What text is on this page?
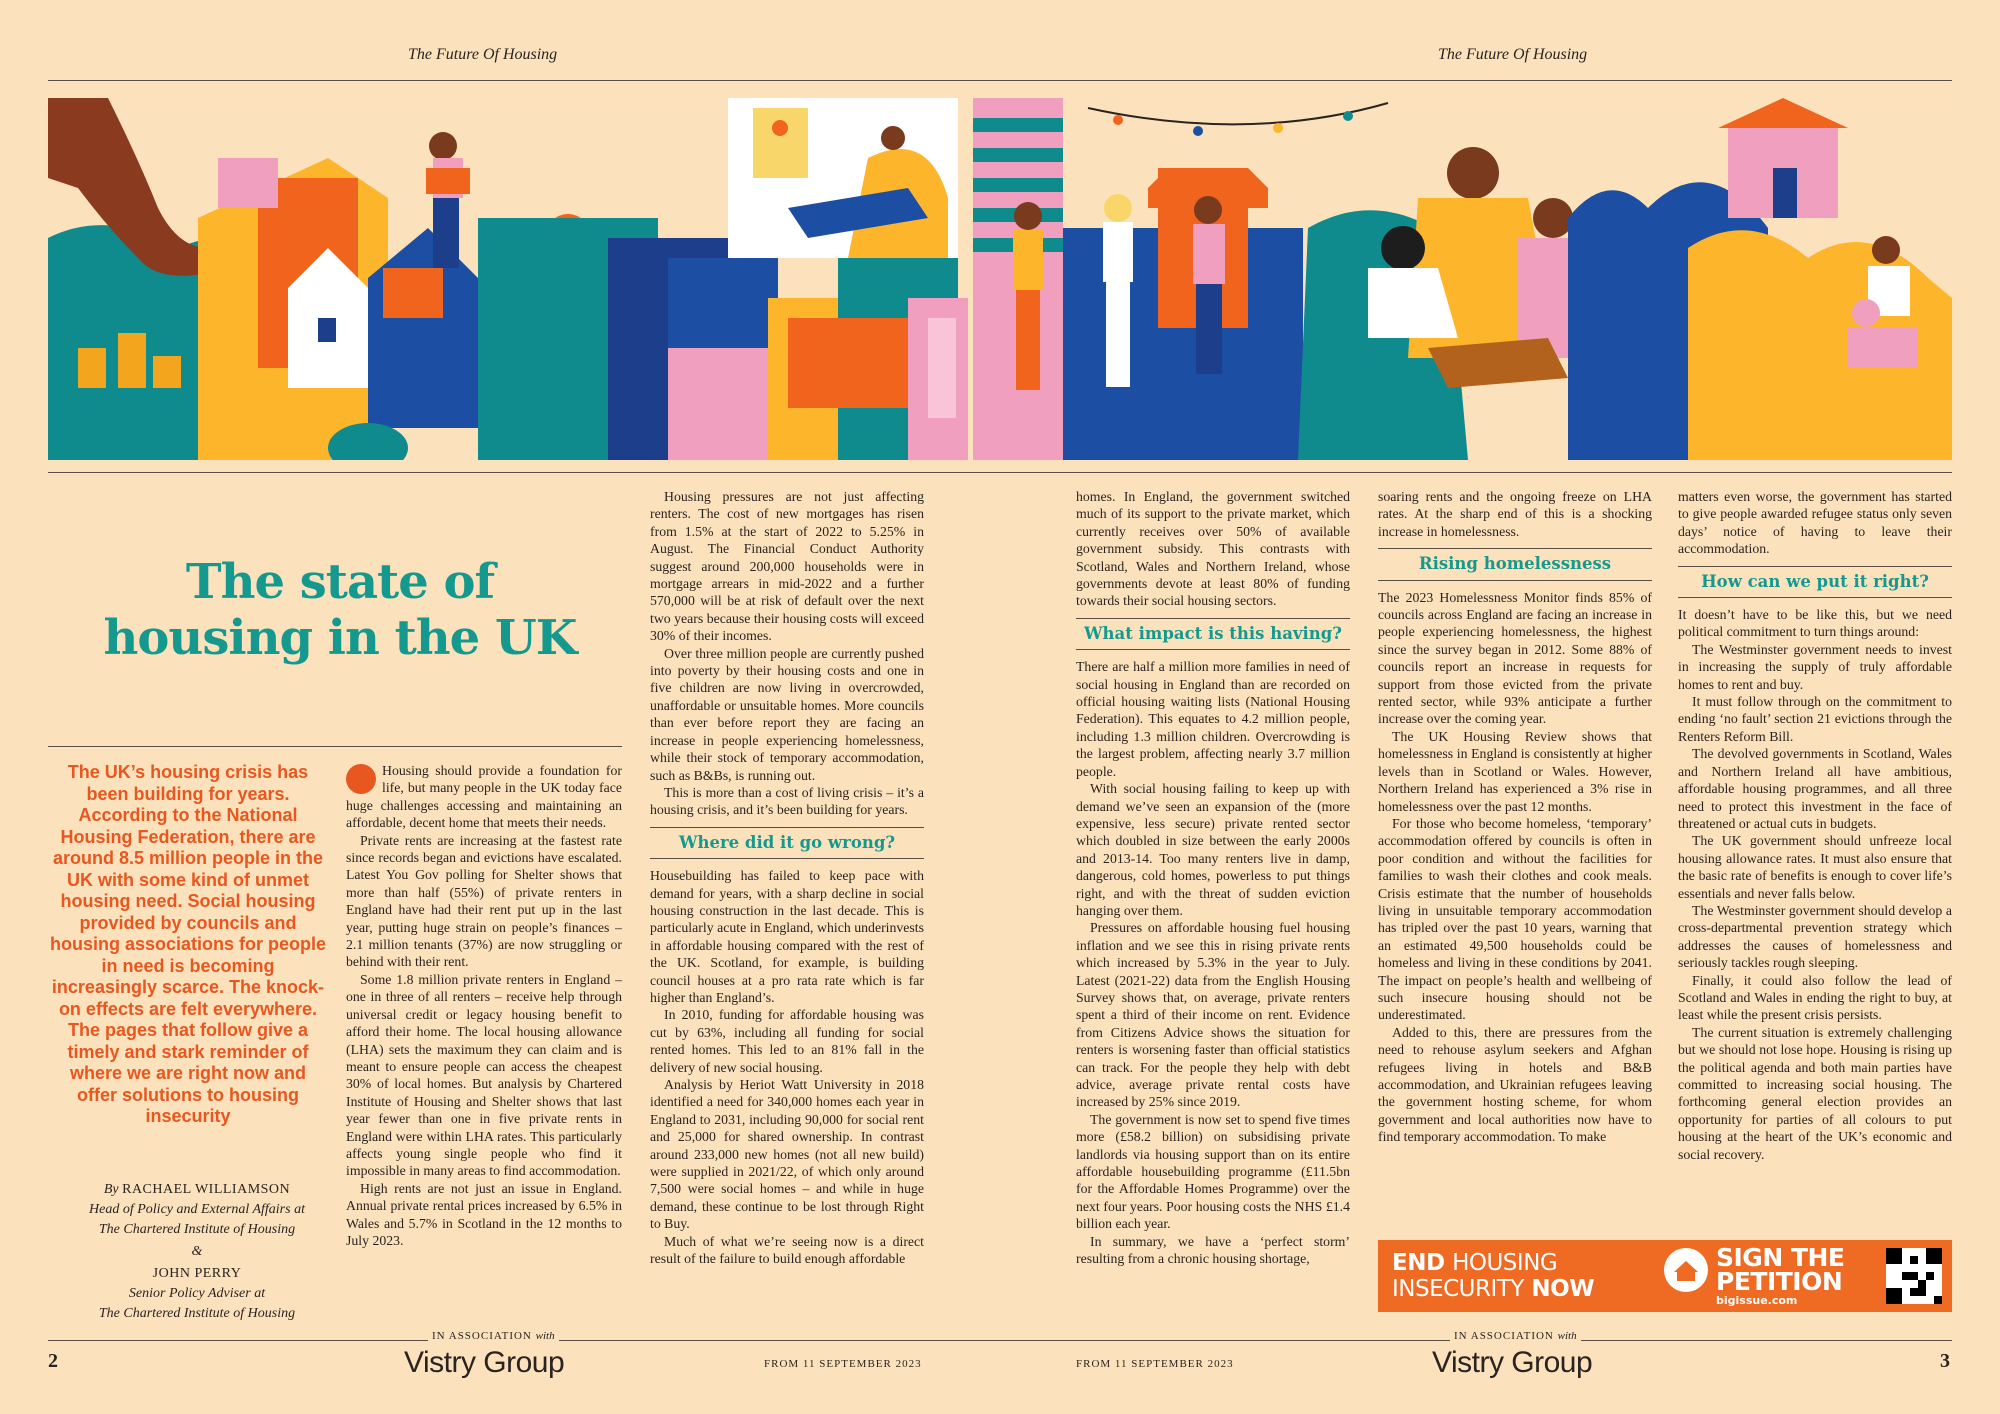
The Future Of Housing	The Future Of Housing
The state of housing in the UK

The UK’s housing crisis has been building for years. According to the National Housing Federation, there are around 8.5 million people in the UK with some kind of unmet housing need. Social housing provided by councils and housing associations for people in need is becoming increasingly scarce. The knock-on effects are felt everywhere. The pages that follow give a timely and stark reminder of where we are right now and offer solutions to housing insecurity

By RACHAEL WILLIAMSON
Head of Policy and External Affairs at
The Chartered Institute of Housing
&
JOHN PERRY
Senior Policy Adviser at
The Chartered Institute of Housing

Housing should provide a foundation for life, but many people in the UK today face huge challenges accessing and maintaining an affordable, decent home that meets their needs.

Private rents are increasing at the fastest rate since records began and evictions have escalated. Latest You Gov polling for Shelter shows that more than half (55%) of private renters in England have had their rent put up in the last year, putting huge strain on people’s finances – 2.1 million tenants (37%) are now struggling or behind with their rent.

Some 1.8 million private renters in England – one in three of all renters – receive help through universal credit or legacy housing benefit to afford their home. The local housing allowance (LHA) sets the maximum they can claim and is meant to ensure people can access the cheapest 30% of local homes. But analysis by Chartered Institute of Housing and Shelter shows that last year fewer than one in five private rents in England were within LHA rates. This particularly affects young single people who find it impossible in many areas to find accommodation.

High rents are not just an issue in England. Annual private rental prices increased by 6.5% in Wales and 5.7% in Scotland in the 12 months to July 2023.

Housing pressures are not just affecting renters. The cost of new mortgages has risen from 1.5% at the start of 2022 to 5.25% in August. The Financial Conduct Authority suggest around 200,000 households were in mortgage arrears in mid-2022 and a further 570,000 will be at risk of default over the next two years because their housing costs will exceed 30% of their incomes.

Over three million people are currently pushed into poverty by their housing costs and one in five children are now living in overcrowded, unaffordable or unsuitable homes. More councils than ever before report they are facing an increase in people experiencing homelessness, while their stock of temporary accommodation, such as B&Bs, is running out.

This is more than a cost of living crisis – it’s a housing crisis, and it’s been building for years.

Where did it go wrong?

Housebuilding has failed to keep pace with demand for years, with a sharp decline in social housing construction in the last decade. This is particularly acute in England, which underinvests in affordable housing compared with the rest of the UK. Scotland, for example, is building council houses at a pro rata rate which is far higher than England’s.

In 2010, funding for affordable housing was cut by 63%, including all funding for social rented homes. This led to an 81% fall in the delivery of new social housing.

Analysis by Heriot Watt University in 2018 identified a need for 340,000 homes each year in England to 2031, including 90,000 for social rent and 25,000 for shared ownership. In contrast around 233,000 new homes (not all new build) were supplied in 2021/22, of which only around 7,500 were social homes – and while in huge demand, these continue to be lost through Right to Buy.

Much of what we’re seeing now is a direct result of the failure to build enough affordable

homes. In England, the government switched much of its support to the private market, which currently receives over 50% of available government subsidy. This contrasts with Scotland, Wales and Northern Ireland, whose governments devote at least 80% of funding towards their social housing sectors.

What impact is this having?

There are half a million more families in need of social housing in England than are recorded on official housing waiting lists (National Housing Federation). This equates to 4.2 million people, including 1.3 million children. Overcrowding is the largest problem, affecting nearly 3.7 million people.

With social housing failing to keep up with demand we’ve seen an expansion of the (more expensive, less secure) private rented sector which doubled in size between the early 2000s and 2013-14. Too many renters live in damp, dangerous, cold homes, powerless to put things right, and with the threat of sudden eviction hanging over them.

Pressures on affordable housing fuel housing inflation and we see this in rising private rents which increased by 5.3% in the year to July. Latest (2021-22) data from the English Housing Survey shows that, on average, private renters spent a third of their income on rent. Evidence from Citizens Advice shows the situation for renters is worsening faster than official statistics can track. For the people they help with debt advice, average private rental costs have increased by 25% since 2019.

The government is now set to spend five times more (£58.2 billion) on subsidising private landlords via housing support than on its entire affordable housebuilding programme (£11.5bn for the Affordable Homes Programme) over the next four years. Poor housing costs the NHS £1.4 billion each year.

In summary, we have a ‘perfect storm’ resulting from a chronic housing shortage,

soaring rents and the ongoing freeze on LHA rates. At the sharp end of this is a shocking increase in homelessness.

Rising homelessness

The 2023 Homelessness Monitor finds 85% of councils across England are facing an increase in people experiencing homelessness, the highest since the survey began in 2012. Some 88% of councils report an increase in requests for support from those evicted from the private rented sector, while 93% anticipate a further increase over the coming year.

The UK Housing Review shows that homelessness in England is consistently at higher levels than in Scotland or Wales. However, Northern Ireland has experienced a 3% rise in homelessness over the past 12 months.

For those who become homeless, ‘temporary’ accommodation offered by councils is often in poor condition and without the facilities for families to wash their clothes and cook meals. Crisis estimate that the number of households living in unsuitable temporary accommodation has tripled over the past 10 years, warning that an estimated 49,500 households could be homeless and living in these conditions by 2041. The impact on people’s health and wellbeing of such insecure housing should not be underestimated.

Added to this, there are pressures from the need to rehouse asylum seekers and Afghan refugees living in hotels and B&B accommodation, and Ukrainian refugees leaving the government hosting scheme, for whom government and local authorities now have to find temporary accommodation. To make

matters even worse, the government has started to give people awarded refugee status only seven days’ notice of having to leave their accommodation.

How can we put it right?

It doesn’t have to be like this, but we need political commitment to turn things around:

The Westminster government needs to invest in increasing the supply of truly affordable homes to rent and buy.

It must follow through on the commitment to ending ‘no fault’ section 21 evictions through the Renters Reform Bill.

The devolved governments in Scotland, Wales and Northern Ireland all have ambitious, affordable housing programmes, and all three need to protect this investment in the face of threatened or actual cuts in budgets.

The UK government should unfreeze local housing allowance rates. It must also ensure that the basic rate of benefits is enough to cover life’s essentials and never falls below.

The Westminster government should develop a cross-departmental prevention strategy which addresses the causes of homelessness and seriously tackles rough sleeping.

Finally, it could also follow the lead of Scotland and Wales in ending the right to buy, at least while the present crisis persists.

The current situation is extremely challenging but we should not lose hope. Housing is rising up the political agenda and both main parties have committed to increasing social housing. The forthcoming general election provides an opportunity for parties of all colours to put housing at the heart of the UK’s economic and social recovery.

END HOUSING
INSECURITY NOW
SIGN THE
PETITION
bigissue.com
IN ASSOCIATION with
Vistry Group
IN ASSOCIATION with
Vistry Group
FROM 11 SEPTEMBER 2023	FROM 11 SEPTEMBER 2023
2	3
